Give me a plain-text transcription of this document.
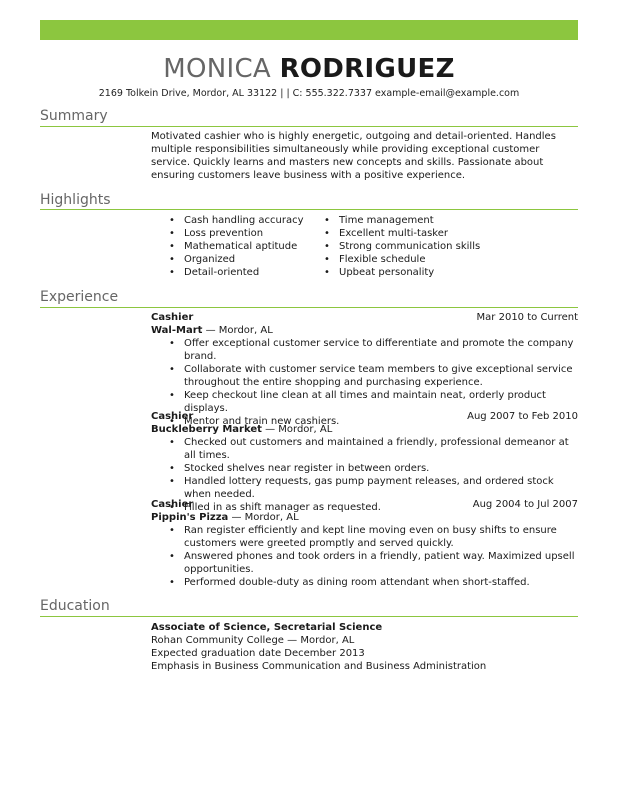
MONICA RODRIGUEZ
2169 Tolkein Drive, Mordor, AL 33122 | | C: 555.322.7337 example-email@example.com
Summary

Motivated cashier who is highly energetic, outgoing and detail-oriented. Handles multiple responsibilities simultaneously while providing exceptional customer service. Quickly learns and masters new concepts and skills. Passionate about ensuring customers leave business with a positive experience.

Highlights
• Cash handling accuracy
• Loss prevention
• Mathematical aptitude
• Organized
• Detail-oriented
• Time management
• Excellent multi-tasker
• Strong communication skills
• Flexible schedule
• Upbeat personality
Experience
Cashier	Mar 2010 to Current
Wal-Mart — Mordor, AL
• Offer exceptional customer service to differentiate and promote the company brand.
• Collaborate with customer service team members to give exceptional service throughout the entire shopping and purchasing experience.
• Keep checkout line clean at all times and maintain neat, orderly product displays.
• Mentor and train new cashiers.
Cashier	Aug 2007 to Feb 2010
Buckleberry Market — Mordor, AL
• Checked out customers and maintained a friendly, professional demeanor at all times.
• Stocked shelves near register in between orders.
• Handled lottery requests, gas pump payment releases, and ordered stock when needed.
• Filled in as shift manager as requested.
Cashier	Aug 2004 to Jul 2007
Pippin's Pizza — Mordor, AL
• Ran register efficiently and kept line moving even on busy shifts to ensure customers were greeted promptly and served quickly.
• Answered phones and took orders in a friendly, patient way. Maximized upsell opportunities.
• Performed double-duty as dining room attendant when short-staffed.
Education
Associate of Science, Secretarial Science
Rohan Community College — Mordor, AL
Expected graduation date December 2013
Emphasis in Business Communication and Business Administration
